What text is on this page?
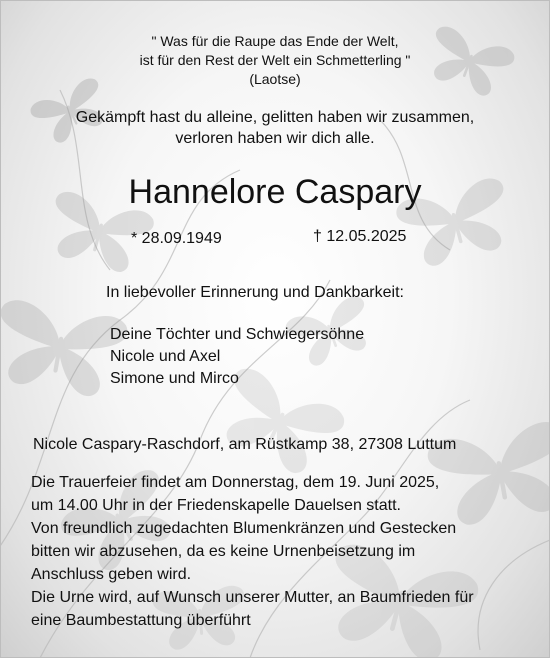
" Was für die Raupe das Ende der Welt,
ist für den Rest der Welt ein Schmetterling "
(Laotse)
Gekämpft hast du alleine, gelitten haben wir zusammen,
verloren haben wir dich alle.
Hannelore Caspary
* 28.09.1949	† 12.05.2025
In liebevoller Erinnerung und Dankbarkeit:
Deine Töchter und Schwiegersöhne
Nicole und Axel
Simone und Mirco
Nicole Caspary-Raschdorf, am Rüstkamp 38, 27308 Luttum
Die Trauerfeier findet am Donnerstag, dem 19. Juni 2025,
um 14.00 Uhr in der Friedenskapelle Dauelsen statt.
Von freundlich zugedachten Blumenkränzen und Gestecken
bitten wir abzusehen, da es keine Urnenbeisetzung im
Anschluss geben wird.
Die Urne wird, auf Wunsch unserer Mutter, an Baumfrieden für
eine Baumbestattung überführt
